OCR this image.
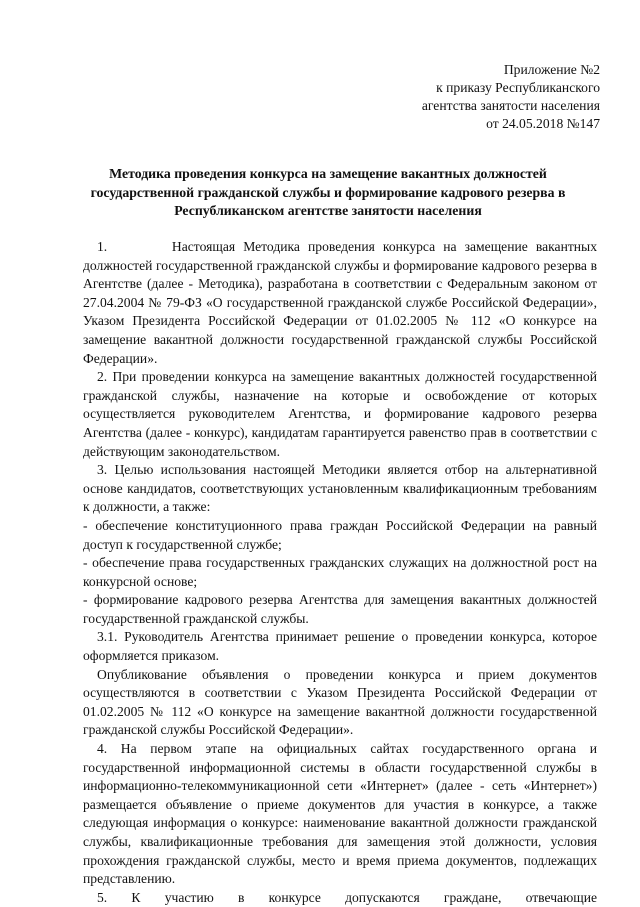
Приложение №2
к приказу Республиканского
агентства занятости населения
от 24.05.2018 №147
Методика проведения конкурса на замещение вакантных должностей
государственной гражданской службы и формирование кадрового резерва в
Республиканском агентстве занятости населения

1.        Настоящая Методика проведения конкурса на замещение вакантных должностей государственной гражданской службы и формирование кадрового резерва в Агентстве (далее - Методика), разработана в соответствии с Федеральным законом от 27.04.2004 № 79-ФЗ «О государственной гражданской службе Российской Федерации», Указом Президента Российской Федерации от 01.02.2005 № 112 «О конкурсе на замещение вакантной должности государственной гражданской службы Российской Федерации».

2. При проведении конкурса на замещение вакантных должностей государственной гражданской службы, назначение на которые и освобождение от которых осуществляется руководителем Агентства, и формирование кадрового резерва Агентства (далее - конкурс), кандидатам гарантируется равенство прав в соответствии с действующим законодательством.

3. Целью использования настоящей Методики является отбор на альтернативной основе кандидатов, соответствующих установленным квалификационным требованиям к должности, а также:

- обеспечение конституционного права граждан Российской Федерации на равный доступ к государственной службе;

- обеспечение права государственных гражданских служащих на должностной рост на конкурсной основе;

- формирование кадрового резерва Агентства для замещения вакантных должностей государственной гражданской службы.

3.1. Руководитель Агентства принимает решение о проведении конкурса, которое оформляется приказом.

Опубликование объявления о проведении конкурса и прием документов осуществляются в соответствии с Указом Президента Российской Федерации от 01.02.2005 № 112 «О конкурсе на замещение вакантной должности государственной гражданской службы Российской Федерации».

4. На первом этапе на официальных сайтах государственного органа и государственной информационной системы в области государственной службы в информационно-телекоммуникационной сети «Интернет» (далее - сеть «Интернет») размещается объявление о приеме документов для участия в конкурсе, а также следующая информация о конкурсе: наименование вакантной должности гражданской службы, квалификационные требования для замещения этой должности, условия прохождения гражданской службы, место и время приема документов, подлежащих представлению.

5. К участию в конкурсе допускаются граждане, отвечающие
